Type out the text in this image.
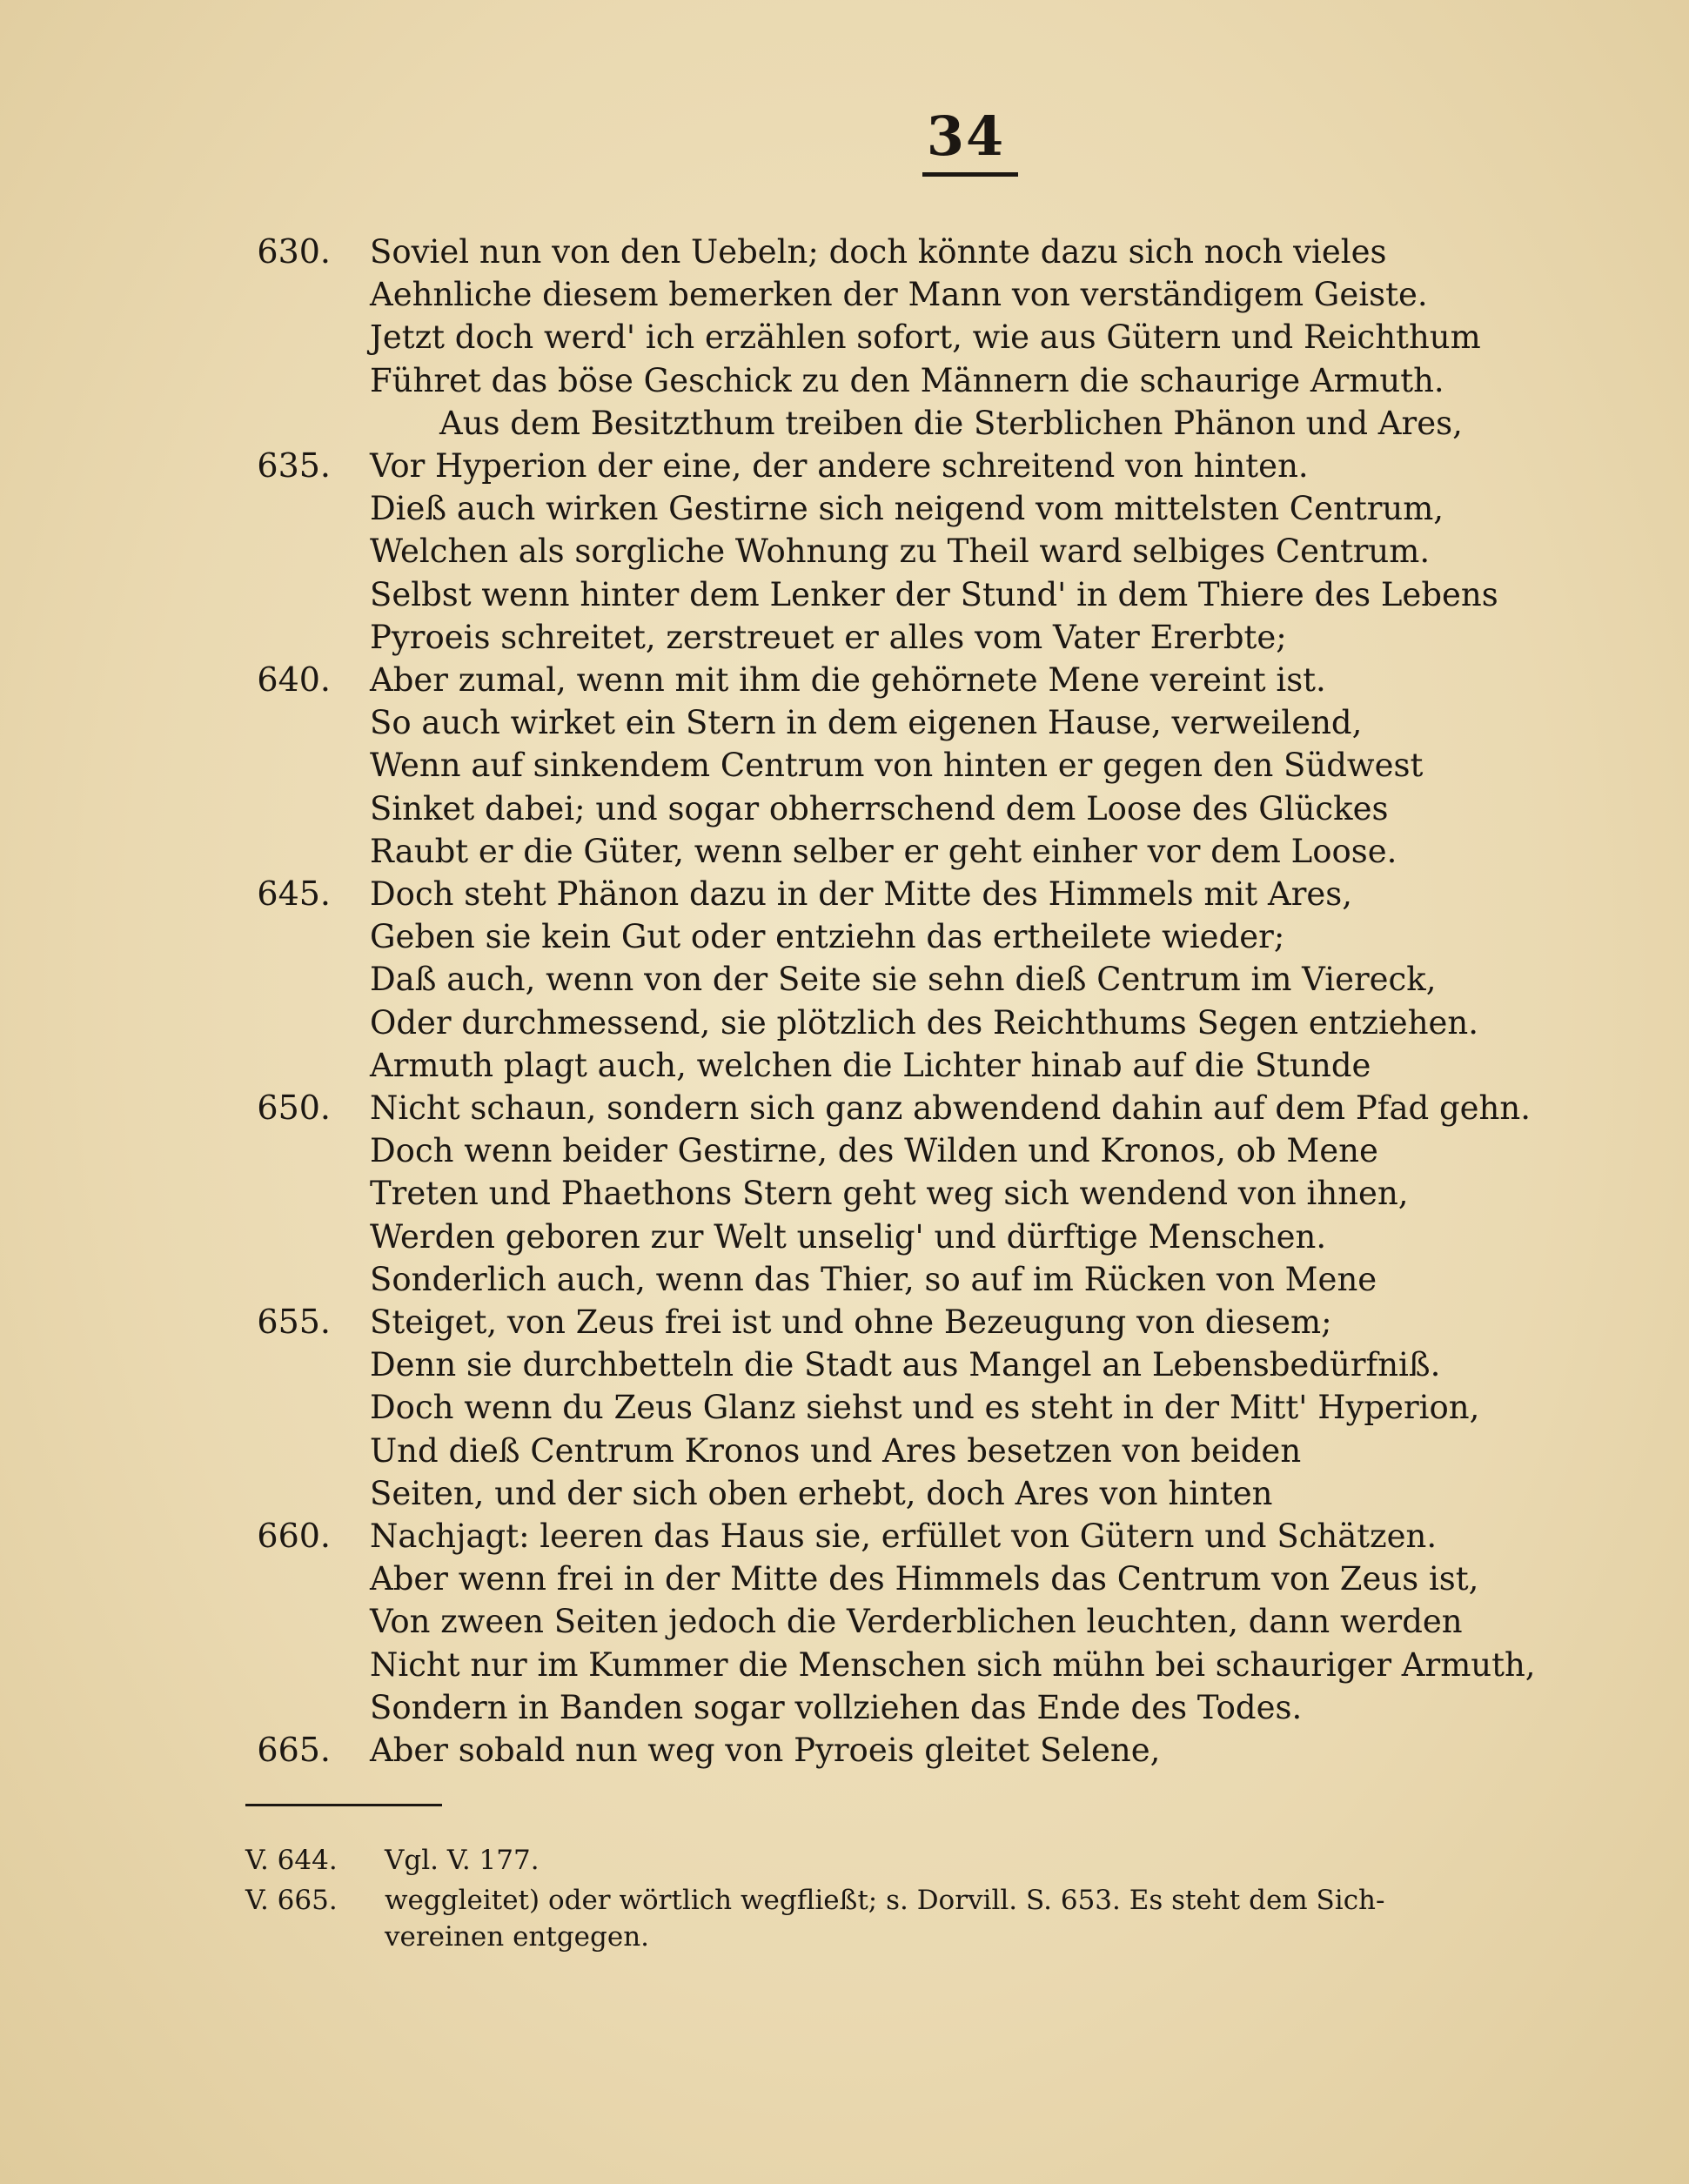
34
630. Soviel nun von den Uebeln; doch könnte dazu sich noch vieles
Aehnliche diesem bemerken der Mann von verständigem Geiste.
Jetzt doch werd' ich erzählen sofort, wie aus Gütern und Reichthum
Führet das böse Geschick zu den Männern die schaurige Armuth.
Aus dem Besitzthum treiben die Sterblichen Phänon und Ares,
635. Vor Hyperion der eine, der andere schreitend von hinten.
Dieß auch wirken Gestirne sich neigend vom mittelsten Centrum,
Welchen als sorgliche Wohnung zu Theil ward selbiges Centrum.
Selbst wenn hinter dem Lenker der Stund' in dem Thiere des Lebens
Pyroeis schreitet, zerstreuet er alles vom Vater Ererbte;
640. Aber zumal, wenn mit ihm die gehörnete Mene vereint ist.
So auch wirket ein Stern in dem eigenen Hause, verweilend,
Wenn auf sinkendem Centrum von hinten er gegen den Südwest
Sinket dabei; und sogar obherrschend dem Loose des Glückes
Raubt er die Güter, wenn selber er geht einher vor dem Loose.
645. Doch steht Phänon dazu in der Mitte des Himmels mit Ares,
Geben sie kein Gut oder entziehn das ertheilete wieder;
Daß auch, wenn von der Seite sie sehn dieß Centrum im Viereck,
Oder durchmessend, sie plötzlich des Reichthums Segen entziehen.
Armuth plagt auch, welchen die Lichter hinab auf die Stunde
650. Nicht schaun, sondern sich ganz abwendend dahin auf dem Pfad gehn.
Doch wenn beider Gestirne, des Wilden und Kronos, ob Mene
Treten und Phaethons Stern geht weg sich wendend von ihnen,
Werden geboren zur Welt unselig' und dürftige Menschen.
Sonderlich auch, wenn das Thier, so auf im Rücken von Mene
655. Steiget, von Zeus frei ist und ohne Bezeugung von diesem;
Denn sie durchbetteln die Stadt aus Mangel an Lebensbedürfniß.
Doch wenn du Zeus Glanz siehst und es steht in der Mitt' Hyperion,
Und dieß Centrum Kronos und Ares besetzen von beiden
Seiten, und der sich oben erhebt, doch Ares von hinten
660. Nachjagt: leeren das Haus sie, erfüllet von Gütern und Schätzen.
Aber wenn frei in der Mitte des Himmels das Centrum von Zeus ist,
Von zween Seiten jedoch die Verderblichen leuchten, dann werden
Nicht nur im Kummer die Menschen sich mühn bei schauriger Armuth,
Sondern in Banden sogar vollziehen das Ende des Todes.
665. Aber sobald nun weg von Pyroeis gleitet Selene,
V. 644. Vgl. V. 177.
V. 665. weggleitet) oder wörtlich wegfließt; s. Dorvill. S. 653. Es steht dem Sich-
vereinen entgegen.
